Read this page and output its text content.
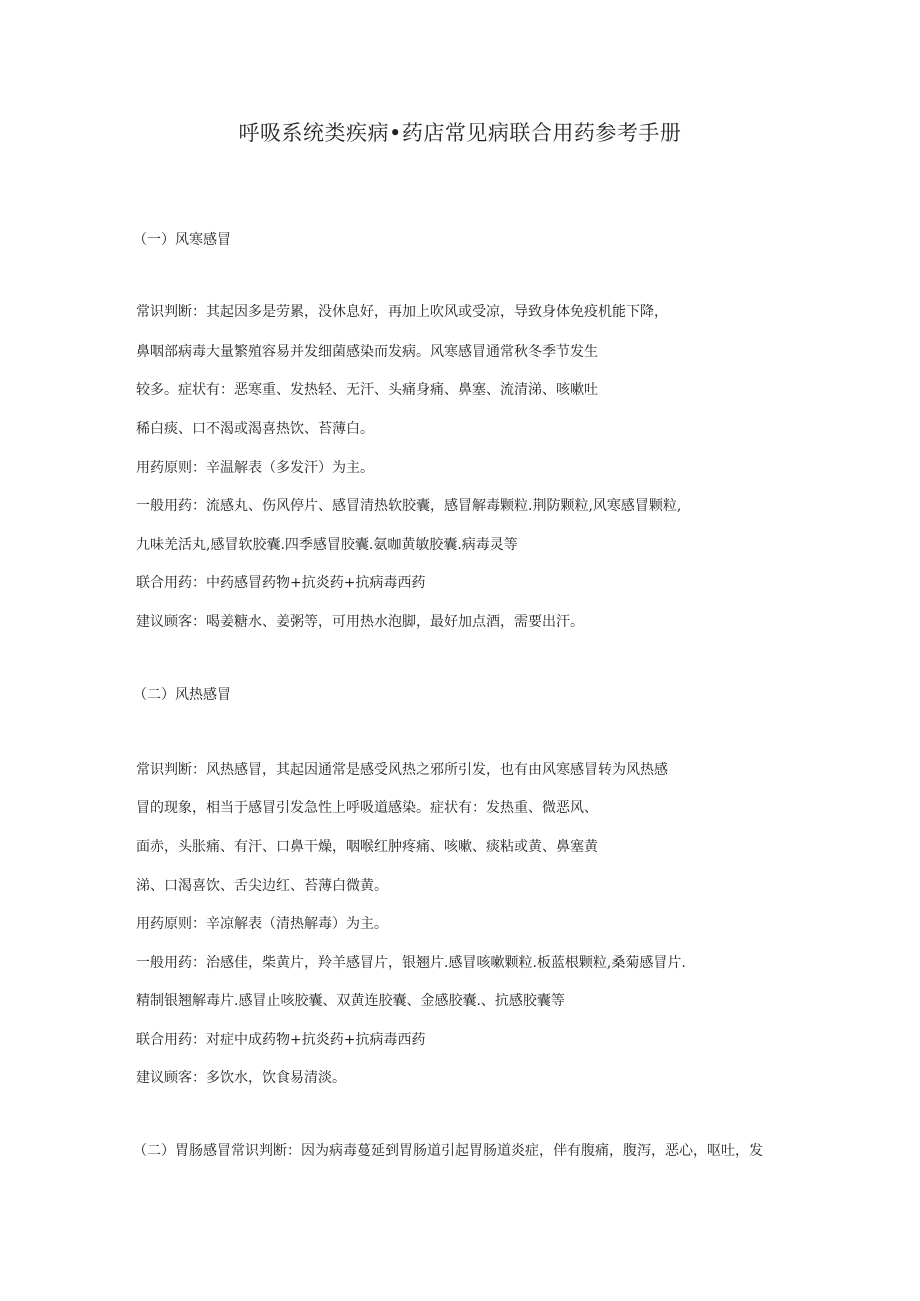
呼吸系统类疾病•药店常见病联合用药参考手册
（一）风寒感冒
常识判断：其起因多是劳累，没休息好，再加上吹风或受凉，导致身体免疫机能下降，
鼻咽部病毒大量繁殖容易并发细菌感染而发病。风寒感冒通常秋冬季节发生
较多。症状有：恶寒重、发热轻、无汗、头痛身痛、鼻塞、流清涕、咳嗽吐
稀白痰、口不渴或渴喜热饮、苔薄白。
用药原则：辛温解表（多发汗）为主。
一般用药：流感丸、伤风停片、感冒清热软胶囊，感冒解毒颗粒.荆防颗粒,风寒感冒颗粒,
九味羌活丸,感冒软胶囊.四季感冒胶囊.氨咖黄敏胶囊.病毒灵等
联合用药：中药感冒药物+抗炎药+抗病毒西药
建议顾客：喝姜糖水、姜粥等，可用热水泡脚，最好加点酒，需要出汗。
（二）风热感冒
常识判断：风热感冒，其起因通常是感受风热之邪所引发，也有由风寒感冒转为风热感
冒的现象，相当于感冒引发急性上呼吸道感染。症状有：发热重、微恶风、
面赤，头胀痛、有汗、口鼻干燥，咽喉红肿疼痛、咳嗽、痰粘或黄、鼻塞黄
涕、口渴喜饮、舌尖边红、苔薄白微黄。
用药原则：辛凉解表（清热解毒）为主。
一般用药：治感佳，柴黄片，羚羊感冒片，银翘片.感冒咳嗽颗粒.板蓝根颗粒,桑菊感冒片.
精制银翘解毒片.感冒止咳胶囊、双黄连胶囊、金感胶囊.、抗感胶囊等
联合用药：对症中成药物+抗炎药+抗病毒西药
建议顾客：多饮水，饮食易清淡。
（二）胃肠感冒常识判断：因为病毒蔓延到胃肠道引起胃肠道炎症，伴有腹痛，腹泻，恶心，呕吐，发
